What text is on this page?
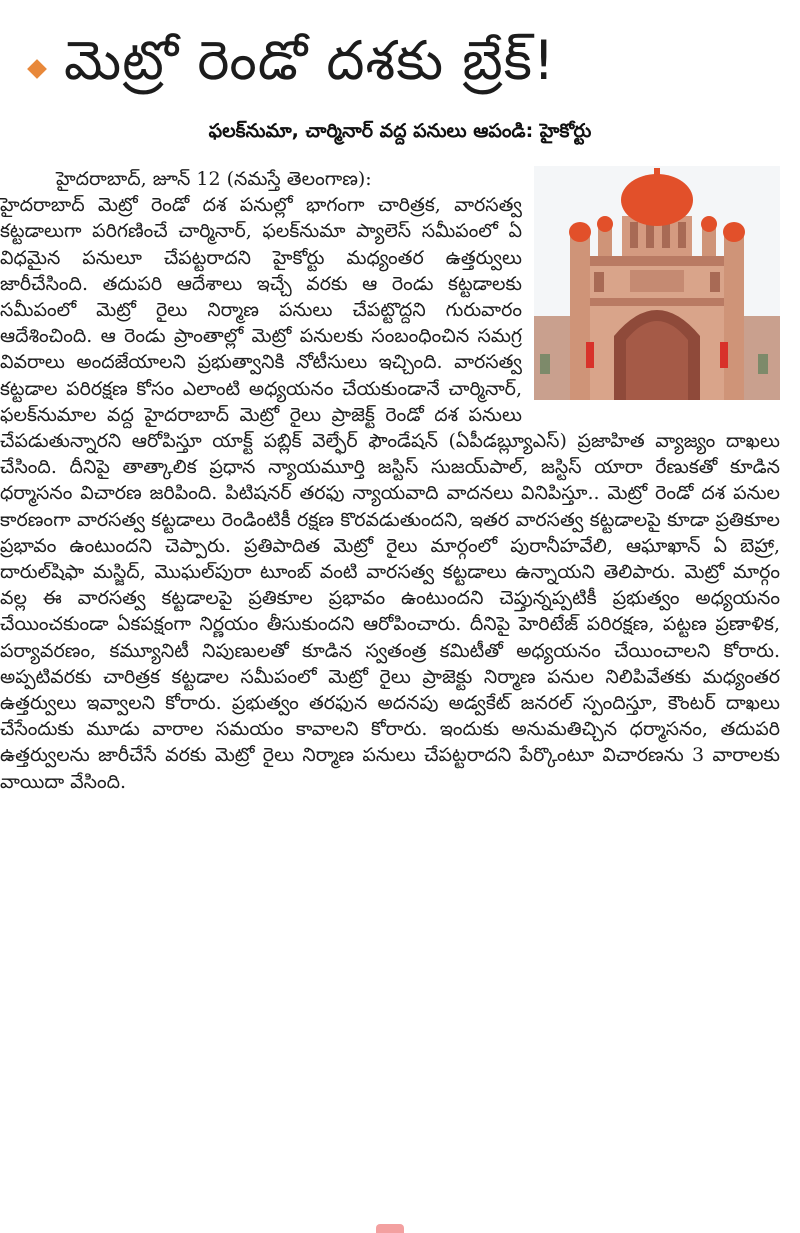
మెట్రో రెండో దశకు బ్రేక్!
ఫలక్‌నుమా, చార్మినార్ వద్ద పనులు ఆపండి: హైకోర్టు

హైదరాబాద్, జూన్ 12 (నమస్తే తెలంగాణ):

హైదరాబాద్ మెట్రో రెండో దశ పనుల్లో భాగంగా చారిత్రక, వారసత్వ కట్టడాలుగా పరిగణించే చార్మినార్, ఫలక్‌నుమా ప్యాలెస్ సమీపంలో ఏ విధమైన పనులూ చేపట్టరాదని హైకోర్టు మధ్యంతర ఉత్తర్వులు జారీచేసింది. తదుపరి ఆదేశాలు ఇచ్చే వరకు ఆ రెండు కట్టడాలకు సమీపంలో మెట్రో రైలు నిర్మాణ పనులు చేపట్టొద్దని గురువారం ఆదేశించింది. ఆ రెండు ప్రాంతాల్లో మెట్రో పనులకు సంబంధించిన సమగ్ర వివరాలు అందజేయాలని ప్రభుత్వానికి నోటీసులు ఇచ్చింది. వారసత్వ కట్టడాల పరిరక్షణ కోసం ఎలాంటి అధ్యయనం చేయకుండానే చార్మినార్, ఫలక్‌నుమాల వద్ద హైదరాబాద్ మెట్రో రైలు ప్రాజెక్ట్ రెండో దశ పనులు చేపడుతున్నారని ఆరోపిస్తూ యాక్ట్ పబ్లిక్ వెల్ఫేర్ ఫౌండేషన్ (ఏపీడబ్ల్యూఎస్) ప్రజాహిత వ్యాజ్యం దాఖలు చేసింది. దీనిపై తాత్కాలిక ప్రధాన న్యాయమూర్తి జస్టిస్ సుజయ్‌పాల్, జస్టిస్ యారా రేణుకతో కూడిన ధర్మాసనం విచారణ జరిపింది. పిటిషనర్ తరఫు న్యాయవాది వాదనలు వినిపిస్తూ.. మెట్రో రెండో దశ పనుల కారణంగా వారసత్వ కట్టడాలు రెండింటికీ రక్షణ కొరవడుతుందని, ఇతర వారసత్వ కట్టడాలపై కూడా ప్రతికూల ప్రభావం ఉంటుందని చెప్పారు. ప్రతిపాదిత మెట్రో రైలు మార్గంలో పురానీహవేలి, ఆఘాఖాన్ ఏ బెహ్రా, దారుల్‌షిఫా మస్జిద్, మొఘల్‌పురా టూంబ్ వంటి వారసత్వ కట్టడాలు ఉన్నాయని తెలిపారు. మెట్రో మార్గం వల్ల ఈ వారసత్వ కట్టడాలపై ప్రతికూల ప్రభావం ఉంటుందని చెప్తున్నప్పటికీ ప్రభుత్వం అధ్యయనం చేయించకుండా ఏకపక్షంగా నిర్ణయం తీసుకుందని ఆరోపించారు. దీనిపై హెరిటేజ్ పరిరక్షణ, పట్టణ ప్రణాళిక, పర్యావరణం, కమ్యూనిటీ నిపుణులతో కూడిన స్వతంత్ర కమిటీతో అధ్యయనం చేయించాలని కోరారు. అప్పటివరకు చారిత్రక కట్టడాల సమీపంలో మెట్రో రైలు ప్రాజెక్టు నిర్మాణ పనుల నిలిపివేతకు మధ్యంతర ఉత్తర్వులు ఇవ్వాలని కోరారు. ప్రభుత్వం తరఫున అదనపు అడ్వకేట్ జనరల్ స్పందిస్తూ, కౌంటర్ దాఖలు చేసేందుకు మూడు వారాల సమయం కావాలని కోరారు. ఇందుకు అనుమతిచ్చిన ధర్మాసనం, తదుపరి ఉత్తర్వులను జారీచేసే వరకు మెట్రో రైలు నిర్మాణ పనులు చేపట్టరాదని పేర్కొంటూ విచారణను 3 వారాలకు వాయిదా వేసింది.
